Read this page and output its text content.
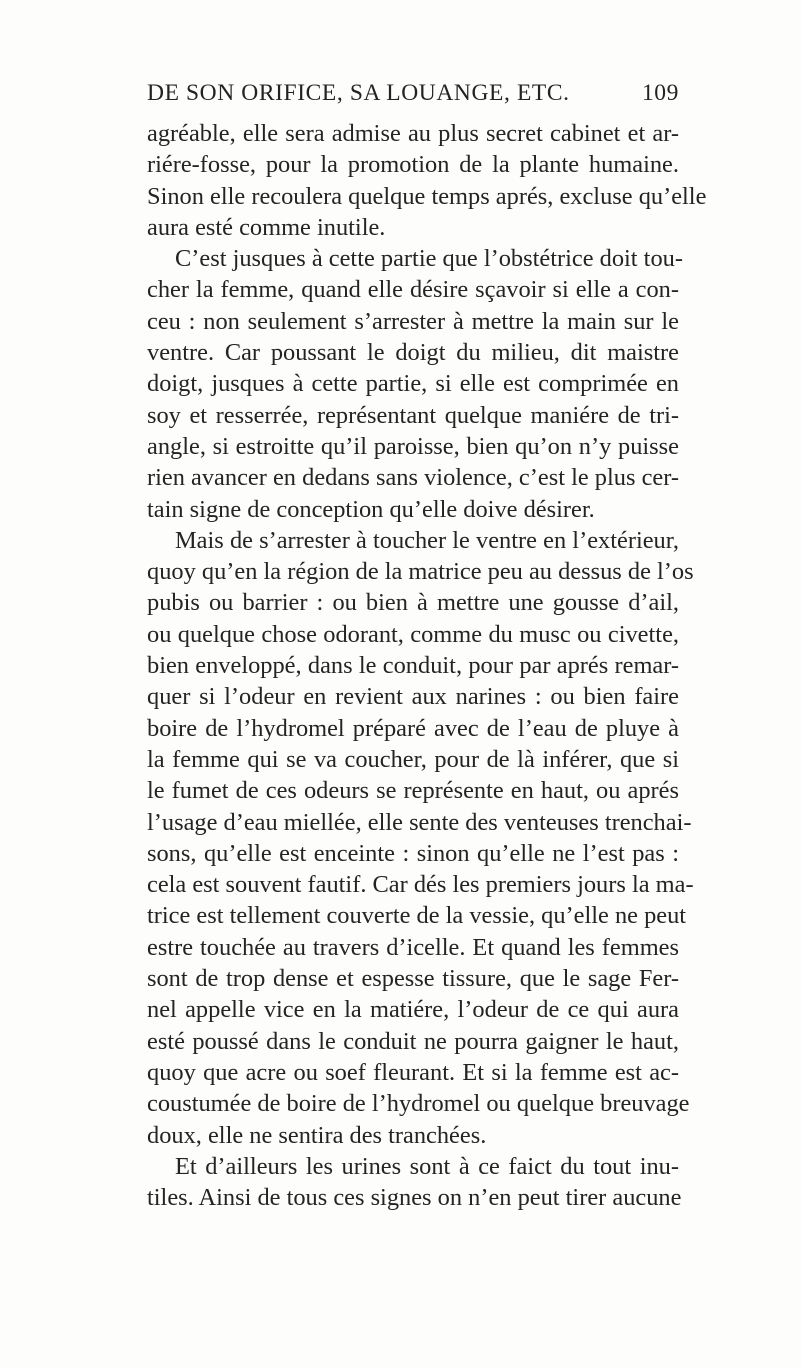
DE SON ORIFICE, SA LOUANGE, ETC.	109
agréable, elle sera admise au plus secret cabinet et ar-
riére-fosse, pour la promotion de la plante humaine.
Sinon elle recoulera quelque temps aprés, excluse qu’elle
aura esté comme inutile.
C’est jusques à cette partie que l’obstétrice doit tou-
cher la femme, quand elle désire sçavoir si elle a con-
ceu : non seulement s’arrester à mettre la main sur le
ventre. Car poussant le doigt du milieu, dit maistre
doigt, jusques à cette partie, si elle est comprimée en
soy et resserrée, représentant quelque maniére de tri-
angle, si estroitte qu’il paroisse, bien qu’on n’y puisse
rien avancer en dedans sans violence, c’est le plus cer-
tain signe de conception qu’elle doive désirer.
Mais de s’arrester à toucher le ventre en l’extérieur,
quoy qu’en la région de la matrice peu au dessus de l’os
pubis ou barrier : ou bien à mettre une gousse d’ail,
ou quelque chose odorant, comme du musc ou civette,
bien enveloppé, dans le conduit, pour par aprés remar-
quer si l’odeur en revient aux narines : ou bien faire
boire de l’hydromel préparé avec de l’eau de pluye à
la femme qui se va coucher, pour de là inférer, que si
le fumet de ces odeurs se représente en haut, ou aprés
l’usage d’eau miellée, elle sente des venteuses trenchai-
sons, qu’elle est enceinte : sinon qu’elle ne l’est pas :
cela est souvent fautif. Car dés les premiers jours la ma-
trice est tellement couverte de la vessie, qu’elle ne peut
estre touchée au travers d’icelle. Et quand les femmes
sont de trop dense et espesse tissure, que le sage Fer-
nel appelle vice en la matiére, l’odeur de ce qui aura
esté poussé dans le conduit ne pourra gaigner le haut,
quoy que acre ou soef fleurant. Et si la femme est ac-
coustumée de boire de l’hydromel ou quelque breuvage
doux, elle ne sentira des tranchées.
Et d’ailleurs les urines sont à ce faict du tout inu-
tiles. Ainsi de tous ces signes on n’en peut tirer aucune
